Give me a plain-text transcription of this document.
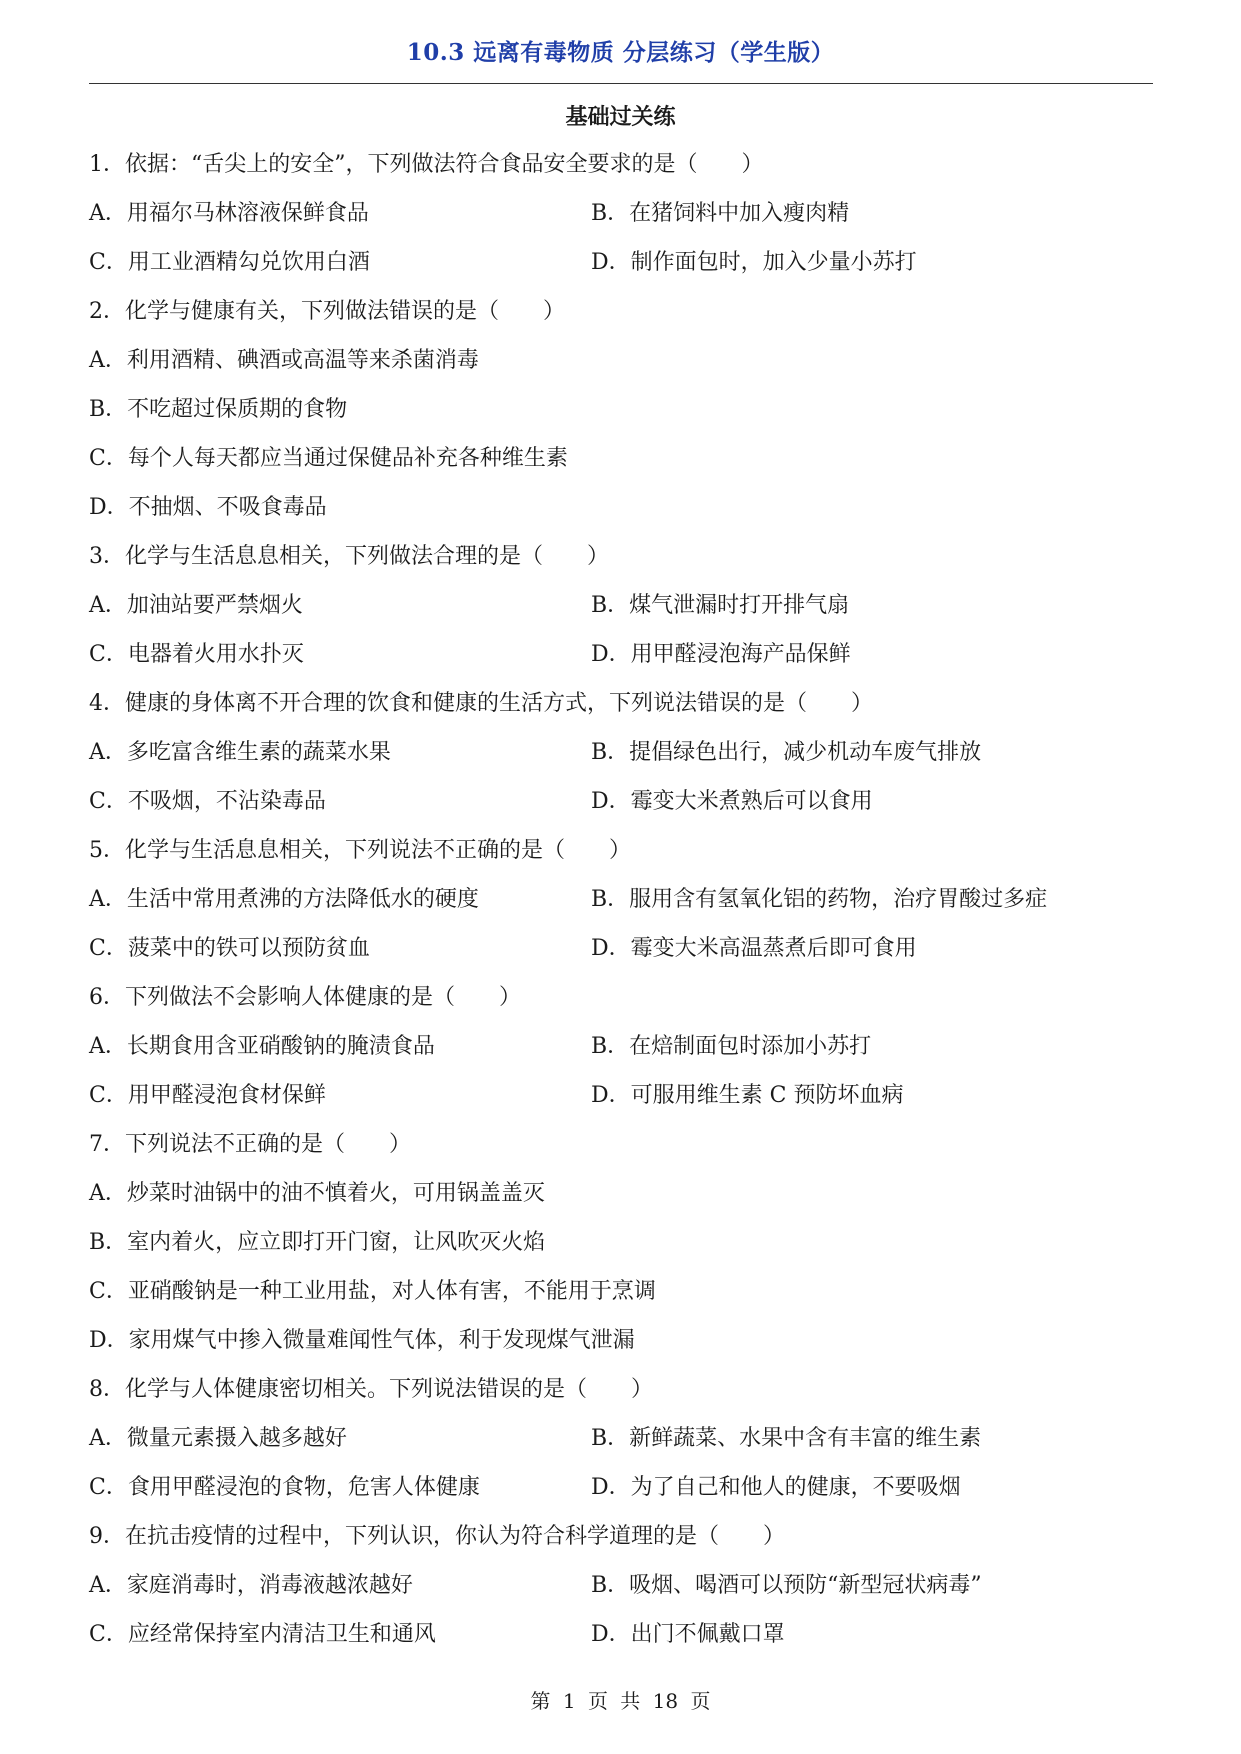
10.3 远离有毒物质 分层练习（学生版）
基础过关练
1．依据：“舌尖上的安全”，下列做法符合食品安全要求的是（　　）
A．用福尔马林溶液保鲜食品	B．在猪饲料中加入瘦肉精
C．用工业酒精勾兑饮用白酒	D．制作面包时，加入少量小苏打
2．化学与健康有关，下列做法错误的是（　　）
A．利用酒精、碘酒或高温等来杀菌消毒
B．不吃超过保质期的食物
C．每个人每天都应当通过保健品补充各种维生素
D．不抽烟、不吸食毒品
3．化学与生活息息相关，下列做法合理的是（　　）
A．加油站要严禁烟火	B．煤气泄漏时打开排气扇
C．电器着火用水扑灭	D．用甲醛浸泡海产品保鲜
4．健康的身体离不开合理的饮食和健康的生活方式，下列说法错误的是（　　）
A．多吃富含维生素的蔬菜水果	B．提倡绿色出行，减少机动车废气排放
C．不吸烟，不沾染毒品	D．霉变大米煮熟后可以食用
5．化学与生活息息相关，下列说法不正确的是（　　）
A．生活中常用煮沸的方法降低水的硬度	B．服用含有氢氧化铝的药物，治疗胃酸过多症
C．菠菜中的铁可以预防贫血	D．霉变大米高温蒸煮后即可食用
6．下列做法不会影响人体健康的是（　　）
A．长期食用含亚硝酸钠的腌渍食品	B．在焙制面包时添加小苏打
C．用甲醛浸泡食材保鲜	D．可服用维生素 C 预防坏血病
7．下列说法不正确的是（　　）
A．炒菜时油锅中的油不慎着火，可用锅盖盖灭
B．室内着火，应立即打开门窗，让风吹灭火焰
C．亚硝酸钠是一种工业用盐，对人体有害，不能用于烹调
D．家用煤气中掺入微量难闻性气体，利于发现煤气泄漏
8．化学与人体健康密切相关。下列说法错误的是（　　）
A．微量元素摄入越多越好	B．新鲜蔬菜、水果中含有丰富的维生素
C．食用甲醛浸泡的食物，危害人体健康	D．为了自己和他人的健康，不要吸烟
9．在抗击疫情的过程中，下列认识，你认为符合科学道理的是（　　）
A．家庭消毒时，消毒液越浓越好	B．吸烟、喝酒可以预防“新型冠状病毒”
C．应经常保持室内清洁卫生和通风	D．出门不佩戴口罩
第 1 页 共 18 页
